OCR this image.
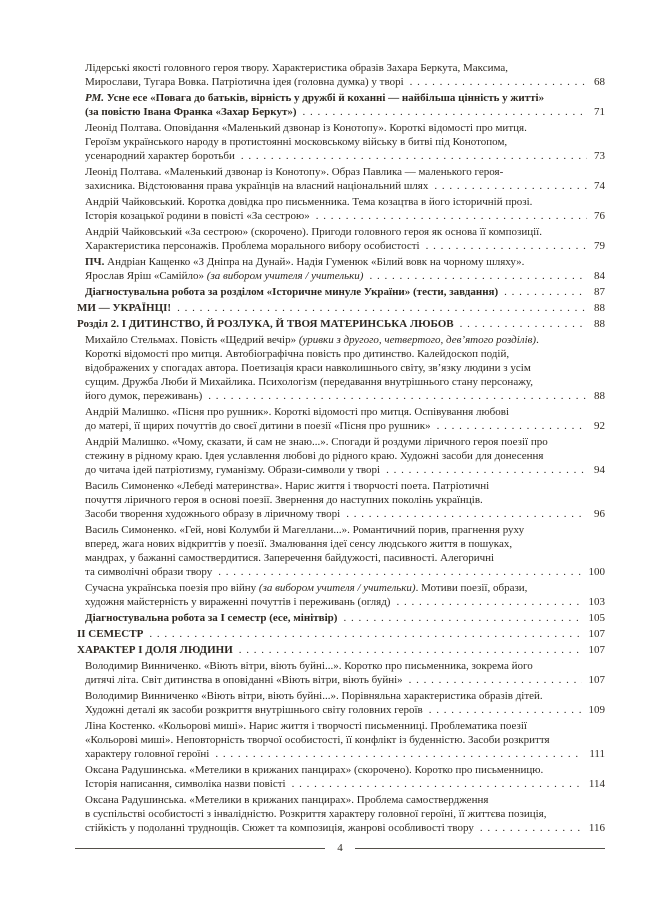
Лідерські якості головного героя твору. Характеристика образів Захара Беркута, Максима,
Мирослави, Тугара Вовка. Патріотична ідея (головна думка) у творі . . .	68
РМ. Усне есе «Повага до батьків, вірність у дружбі й коханні — найбільша цінність у житті»
(за повістю Івана Франка «Захар Беркут») . . .	71
Леонід Полтава. Оповідання «Маленький дзвонар із Конотопу». Короткі відомості про митця.
Героїзм українського народу в протистоянні московському війську в битві під Конотопом,
усенародний характер боротьби . . .	73
Леонід Полтава. «Маленький дзвонар із Конотопу». Образ Павлика — маленького героя-
захисника. Відстоювання права українців на власний національний шлях . . .	74
Андрій Чайковський. Коротка довідка про письменника. Тема козацтва в його історичній прозі.
Історія козацької родини в повісті «За сестрою» . . .	76
Андрій Чайковський «За сестрою» (скорочено). Пригоди головного героя як основа її композиції.
Характеристика персонажів. Проблема морального вибору особистості . . .	79
ПЧ. Андріан Кащенко «З Дніпра на Дунай». Надія Гуменюк «Білий вовк на чорному шляху».
Ярослав Яріш «Самійло» (за вибором учителя / учительки) . . .	84
Діагностувальна робота за розділом «Історичне минуле України» (тести, завдання) . . .	87
МИ — УКРАЇНЦІ! . . .	88
Розділ 2. І ДИТИНСТВО, Й РОЗЛУКА, Й ТВОЯ МАТЕРИНСЬКА ЛЮБОВ . . .	88
Михайло Стельмах. Повість «Щедрий вечір» (уривки з другого, четвертого, дев’ятого розділів).
Короткі відомості про митця. Автобіографічна повість про дитинство. Калейдоскоп подій,
відображених у спогадах автора. Поетизація краси навколишнього світу, зв’язку людини з усім
сущим. Дружба Люби й Михайлика. Психологізм (передавання внутрішнього стану персонажу,
його думок, переживань) . . .	88
Андрій Малишко. «Пісня про рушник». Короткі відомості про митця. Оспівування любові
до матері, її щирих почуттів до своєї дитини в поезії «Пісня про рушник» . . .	92
Андрій Малишко. «Чому, сказати, й сам не знаю...». Спогади й роздуми ліричного героя поезії про
стежину в рідному краю. Ідея уславлення любові до рідного краю. Художні засоби для донесення
до читача ідей патріотизму, гуманізму. Образи-символи у творі . . .	94
Василь Симоненко «Лебеді материнства». Нарис життя і творчості поета. Патріотичні
почуття ліричного героя в основі поезії. Звернення до наступних поколінь українців.
Засоби творення художнього образу в ліричному творі . . .	96
Василь Симоненко. «Гей, нові Колумби й Магеллани...». Романтичний порив, прагнення руху
вперед, жага нових відкриттів у поезії. Змалювання ідеї сенсу людського життя в пошуках,
мандрах, у бажанні самоствердитися. Заперечення байдужості, пасивності. Алегоричні
та символічні образи твору . . .	100
Сучасна українська поезія про війну (за вибором учителя / учительки). Мотиви поезії, образи,
художня майстерність у вираженні почуттів і переживань (огляд) . . .	103
Діагностувальна робота за І семестр (есе, мінітвір) . . .	105
ІІ СЕМЕСТР . . .	107
ХАРАКТЕР І ДОЛЯ ЛЮДИНИ . . .	107
Володимир Винниченко. «Віють вітри, віють буйні...». Коротко про письменника, зокрема його
дитячі літа. Світ дитинства в оповіданні «Віють вітри, віють буйні» . . .	107
Володимир Винниченко «Віють вітри, віють буйні...». Порівняльна характеристика образів дітей.
Художні деталі як засоби розкриття внутрішнього світу головних героїв . . .	109
Ліна Костенко. «Кольорові миші». Нарис життя і творчості письменниці. Проблематика поезії
«Кольорові миші». Неповторність творчої особистості, її конфлікт із буденністю. Засоби розкриття
характеру головної героїні . . .	111
Оксана Радушинська. «Метелики в крижаних панцирах» (скорочено). Коротко про письменницю.
Історія написання, символіка назви повісті . . .	114
Оксана Радушинська. «Метелики в крижаних панцирах». Проблема самоствердження
в суспільстві особистості з інвалідністю. Розкриття характеру головної героїні, її життєва позиція,
стійкість у подоланні труднощів. Сюжет та композиція, жанрові особливості твору . . .	116
4
